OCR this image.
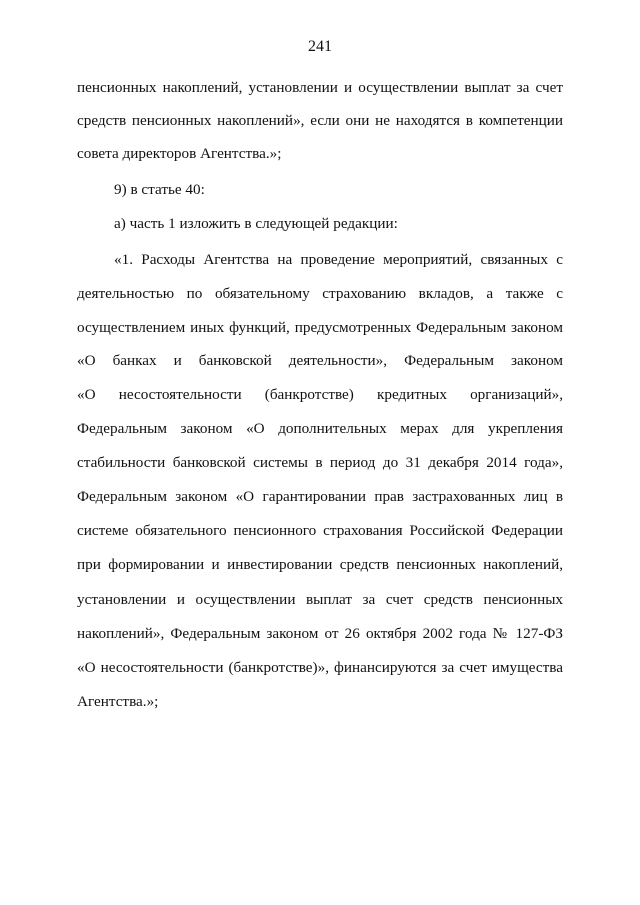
241
пенсионных накоплений, установлении и осуществлении выплат за счет
средств пенсионных накоплений», если они не находятся в компетенции
совета директоров Агентства.»;
9) в статье 40:
а) часть 1 изложить в следующей редакции:
«1. Расходы Агентства на проведение мероприятий, связанных с
деятельностью по обязательному страхованию вкладов, а также с
осуществлением иных функций, предусмотренных Федеральным законом
«О банках и банковской деятельности», Федеральным законом
«О несостоятельности (банкротстве) кредитных организаций»,
Федеральным законом «О дополнительных мерах для укрепления
стабильности банковской системы в период до 31 декабря 2014 года»,
Федеральным законом «О гарантировании прав застрахованных лиц в
системе обязательного пенсионного страхования Российской Федерации
при формировании и инвестировании средств пенсионных накоплений,
установлении и осуществлении выплат за счет средств пенсионных
накоплений», Федеральным законом от 26 октября 2002 года № 127-ФЗ
«О несостоятельности (банкротстве)», финансируются за счет имущества
Агентства.»;
